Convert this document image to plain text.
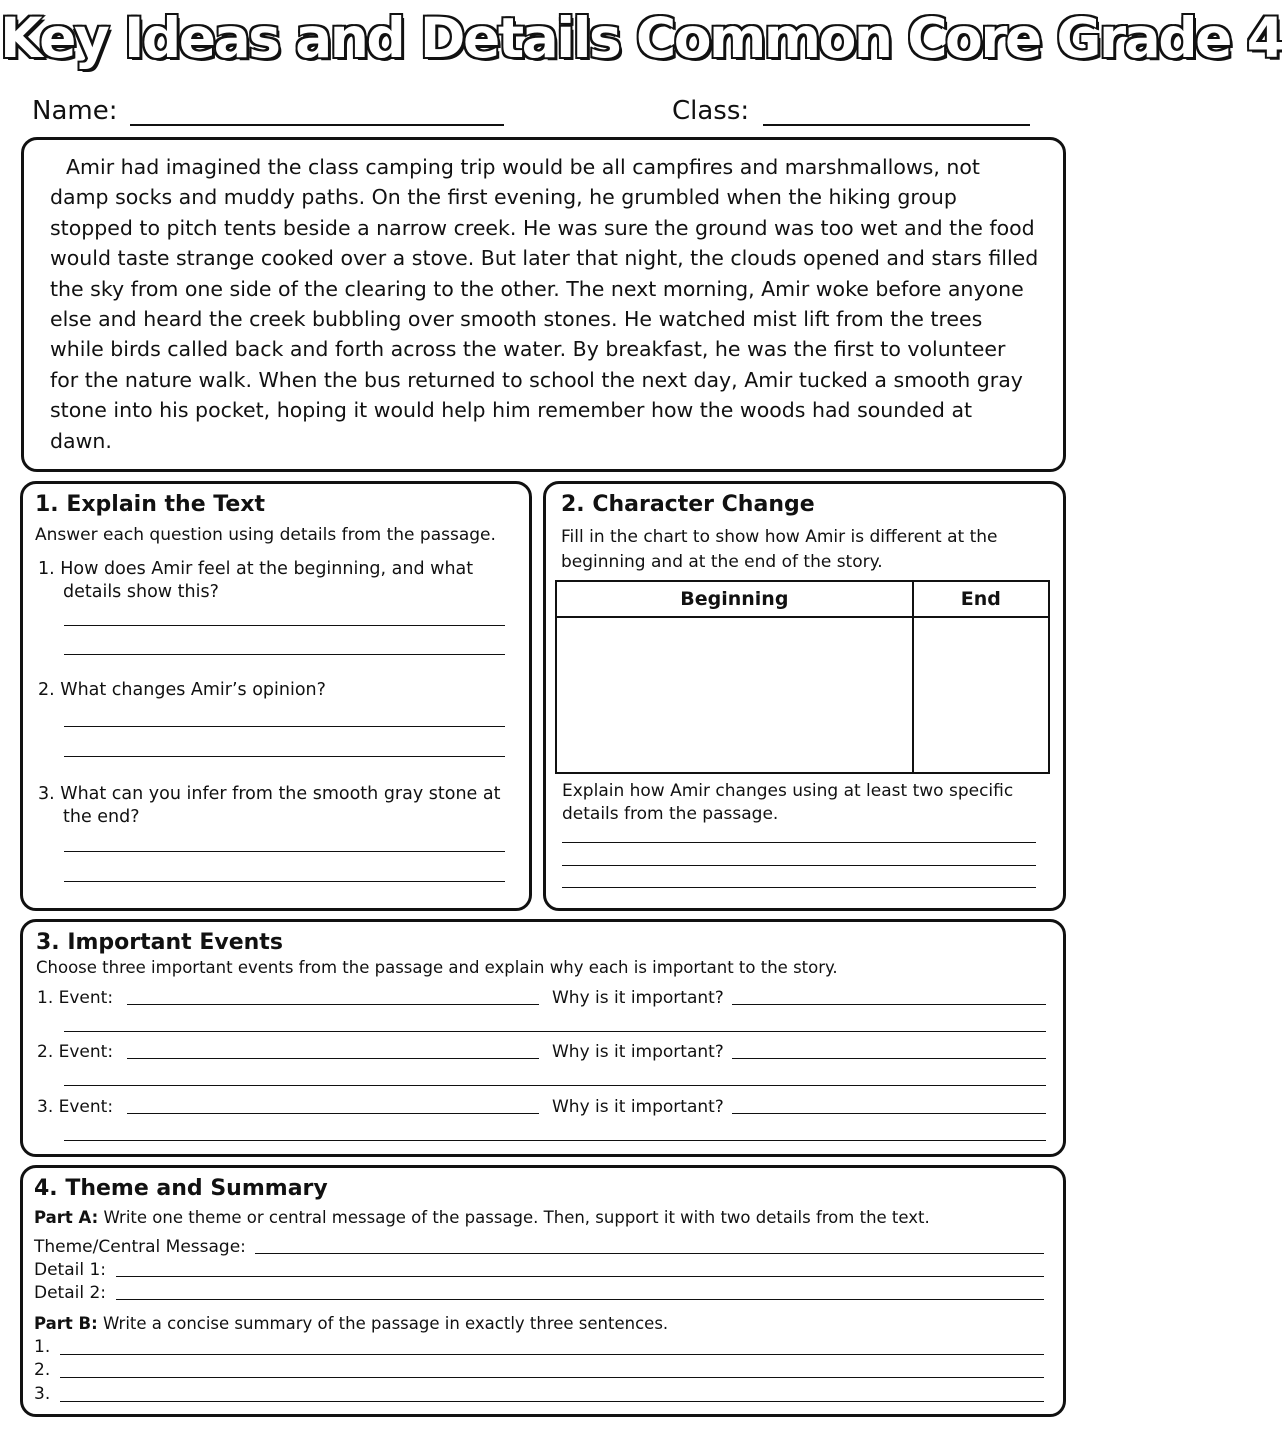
Key Ideas and Details Common Core Grade 4
Name:	Class:
Amir had imagined the class camping trip would be all campfires and marshmallows, not damp socks and muddy paths. On the first evening, he grumbled when the hiking group stopped to pitch tents beside a narrow creek. He was sure the ground was too wet and the food would taste strange cooked over a stove. But later that night, the clouds opened and stars filled the sky from one side of the clearing to the other. The next morning, Amir woke before anyone else and heard the creek bubbling over smooth stones. He watched mist lift from the trees while birds called back and forth across the water. By breakfast, he was the first to volunteer for the nature walk. When the bus returned to school the next day, Amir tucked a smooth gray stone into his pocket, hoping it would help him remember how the woods had sounded at dawn.
1. Explain the Text
Answer each question using details from the passage.
1. How does Amir feel at the beginning, and what details show this?
2. What changes Amir’s opinion?
3. What can you infer from the smooth gray stone at the end?
2. Character Change
Fill in the chart to show how Amir is different at the beginning and at the end of the story.
Beginning	End

Explain how Amir changes using at least two specific details from the passage.
3. Important Events
Choose three important events from the passage and explain why each is important to the story.
1. Event:	Why is it important?
2. Event:	Why is it important?
3. Event:	Why is it important?
4. Theme and Summary
Part A: Write one theme or central message of the passage. Then, support it with two details from the text.
Theme/Central Message:
Detail 1:
Detail 2:
Part B: Write a concise summary of the passage in exactly three sentences.
1.
2.
3.
